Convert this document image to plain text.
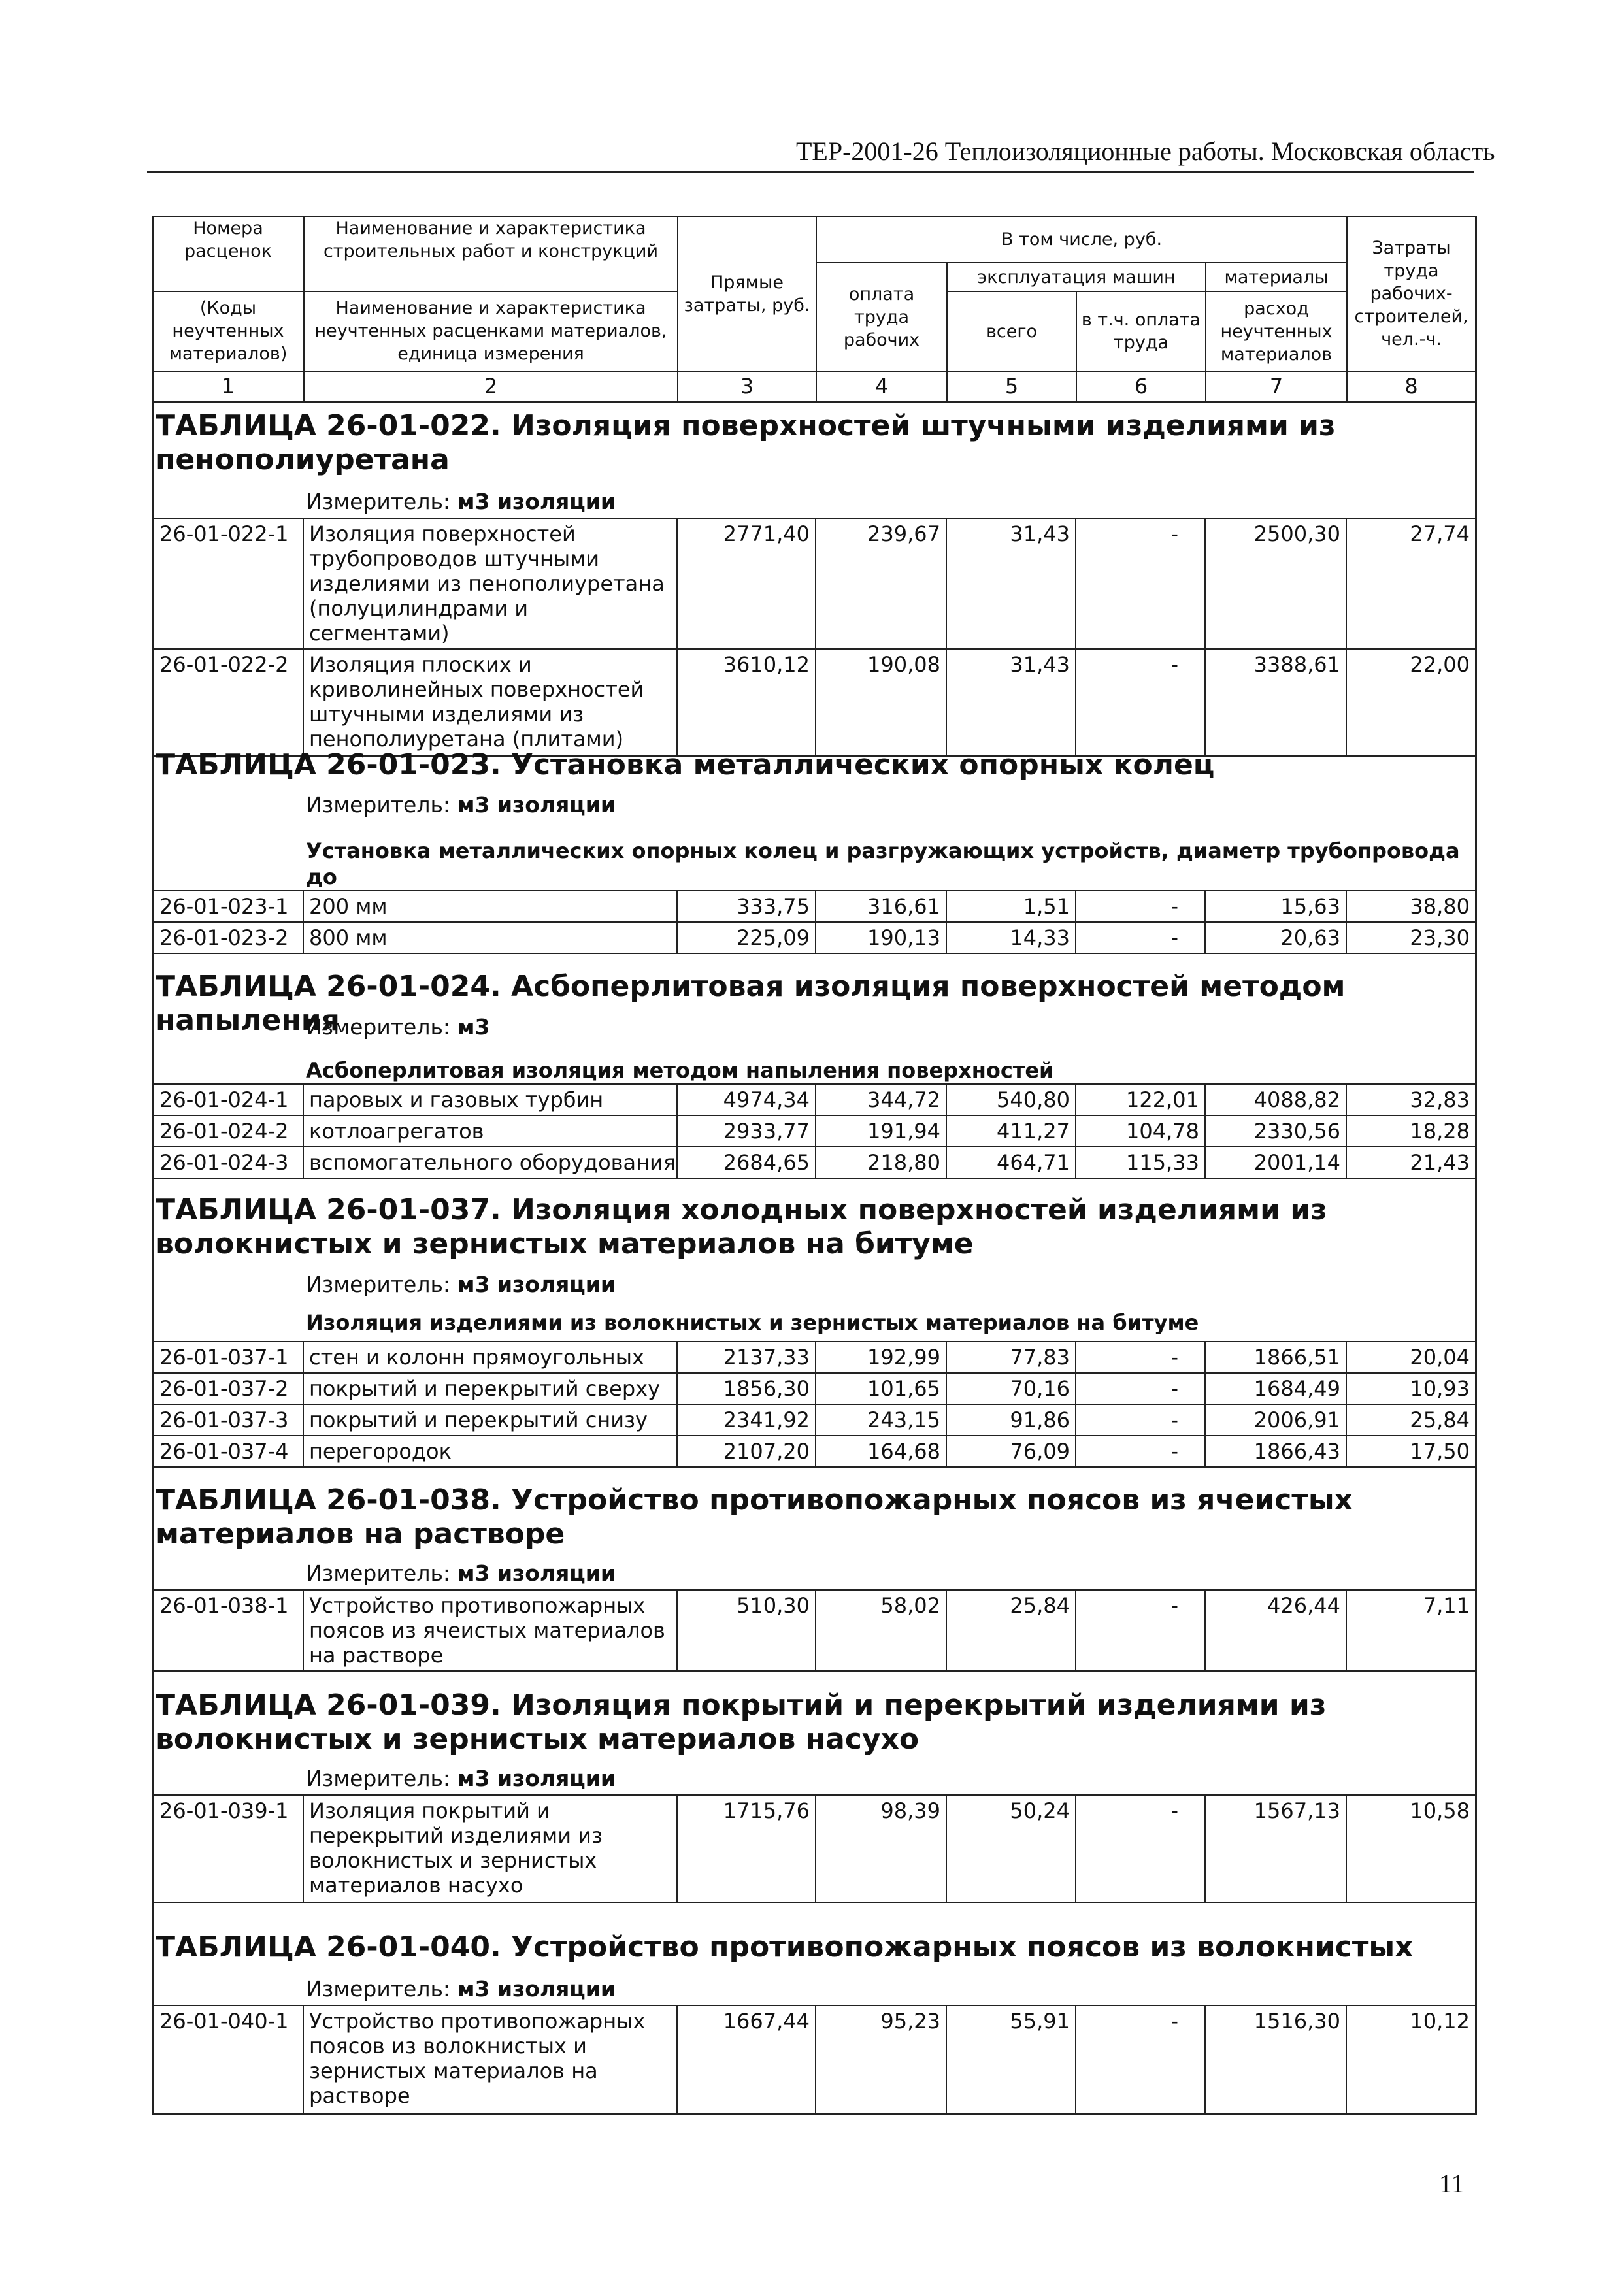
ТЕР-2001-26 Теплоизоляционные работы. Московская область
Номера расценок	Наименование и характеристика строительных работ и конструкций	Прямые затраты, руб.	В том числе, руб.				Затраты труда рабочих-строителей, чел.-ч.
			оплата труда рабочих	эксплуатация машин		материалы	
(Коды неучтенных материалов)	Наименование и характеристика неучтенных расценками материалов, единица измерения			всего	в т.ч. оплата труда	расход неучтенных материалов	
1	2	3	4	5	6	7	8
ТАБЛИЦА 26-01-022. Изоляция поверхностей штучными изделиями из пенополиуретана
Измеритель: м3 изоляции
26-01-022-1	Изоляция поверхностей трубопроводов штучными изделиями из пенополиуретана (полуцилиндрами и сегментами)	2771,40	239,67	31,43	-	2500,30	27,74
26-01-022-2	Изоляция плоских и криволинейных поверхностей штучными изделиями из пенополиуретана (плитами)	3610,12	190,08	31,43	-	3388,61	22,00
ТАБЛИЦА 26-01-023. Установка металлических опорных колец
Измеритель: м3 изоляции
Установка металлических опорных колец и разгружающих устройств, диаметр трубопровода до
26-01-023-1	200 мм	333,75	316,61	1,51	-	15,63	38,80
26-01-023-2	800 мм	225,09	190,13	14,33	-	20,63	23,30
ТАБЛИЦА 26-01-024. Асбоперлитовая изоляция поверхностей методом напыления
Измеритель: м3
Асбоперлитовая изоляция методом напыления поверхностей
26-01-024-1	паровых и газовых турбин	4974,34	344,72	540,80	122,01	4088,82	32,83
26-01-024-2	котлоагрегатов	2933,77	191,94	411,27	104,78	2330,56	18,28
26-01-024-3	вспомогательного оборудования	2684,65	218,80	464,71	115,33	2001,14	21,43
ТАБЛИЦА 26-01-037. Изоляция холодных поверхностей изделиями из волокнистых и зернистых материалов на битуме
Измеритель: м3 изоляции
Изоляция изделиями из волокнистых и зернистых материалов на битуме
26-01-037-1	стен и колонн прямоугольных	2137,33	192,99	77,83	-	1866,51	20,04
26-01-037-2	покрытий и перекрытий сверху	1856,30	101,65	70,16	-	1684,49	10,93
26-01-037-3	покрытий и перекрытий снизу	2341,92	243,15	91,86	-	2006,91	25,84
26-01-037-4	перегородок	2107,20	164,68	76,09	-	1866,43	17,50
ТАБЛИЦА 26-01-038. Устройство противопожарных поясов из ячеистых материалов на растворе
Измеритель: м3 изоляции
26-01-038-1	Устройство противопожарных поясов из ячеистых материалов на растворе	510,30	58,02	25,84	-	426,44	7,11
ТАБЛИЦА 26-01-039. Изоляция покрытий и перекрытий изделиями из волокнистых и зернистых материалов насухо
Измеритель: м3 изоляции
26-01-039-1	Изоляция покрытий и перекрытий изделиями из волокнистых и зернистых материалов насухо	1715,76	98,39	50,24	-	1567,13	10,58
ТАБЛИЦА 26-01-040. Устройство противопожарных поясов из волокнистых
Измеритель: м3 изоляции
26-01-040-1	Устройство противопожарных поясов из волокнистых и зернистых материалов на растворе	1667,44	95,23	55,91	-	1516,30	10,12
11
